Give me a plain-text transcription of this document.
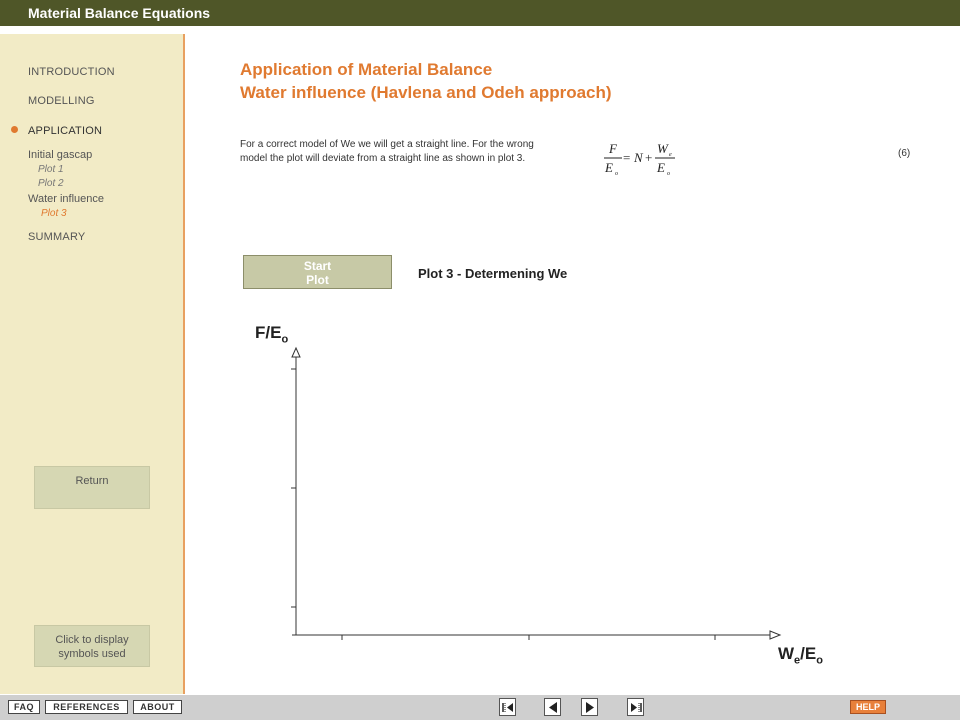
Material Balance Equations
INTRODUCTION
MODELLING
APPLICATION
Initial gascap
Plot 1
Plot 2
Water influence
Plot 3
SUMMARY
Return
Click to display
symbols used
Application of Material Balance
Water influence (Havlena and Odeh approach)
For a correct model of We we will get a straight line. For the wrong model the plot will deviate from a straight line as shown in plot 3.
F
E o
= N +
W e
E o
(6)
Start
Plot	Plot 3 - Determening We
$F/E_o$
$W_e/E_o$
FAQ	REFERENCES	ABOUT	HELP
